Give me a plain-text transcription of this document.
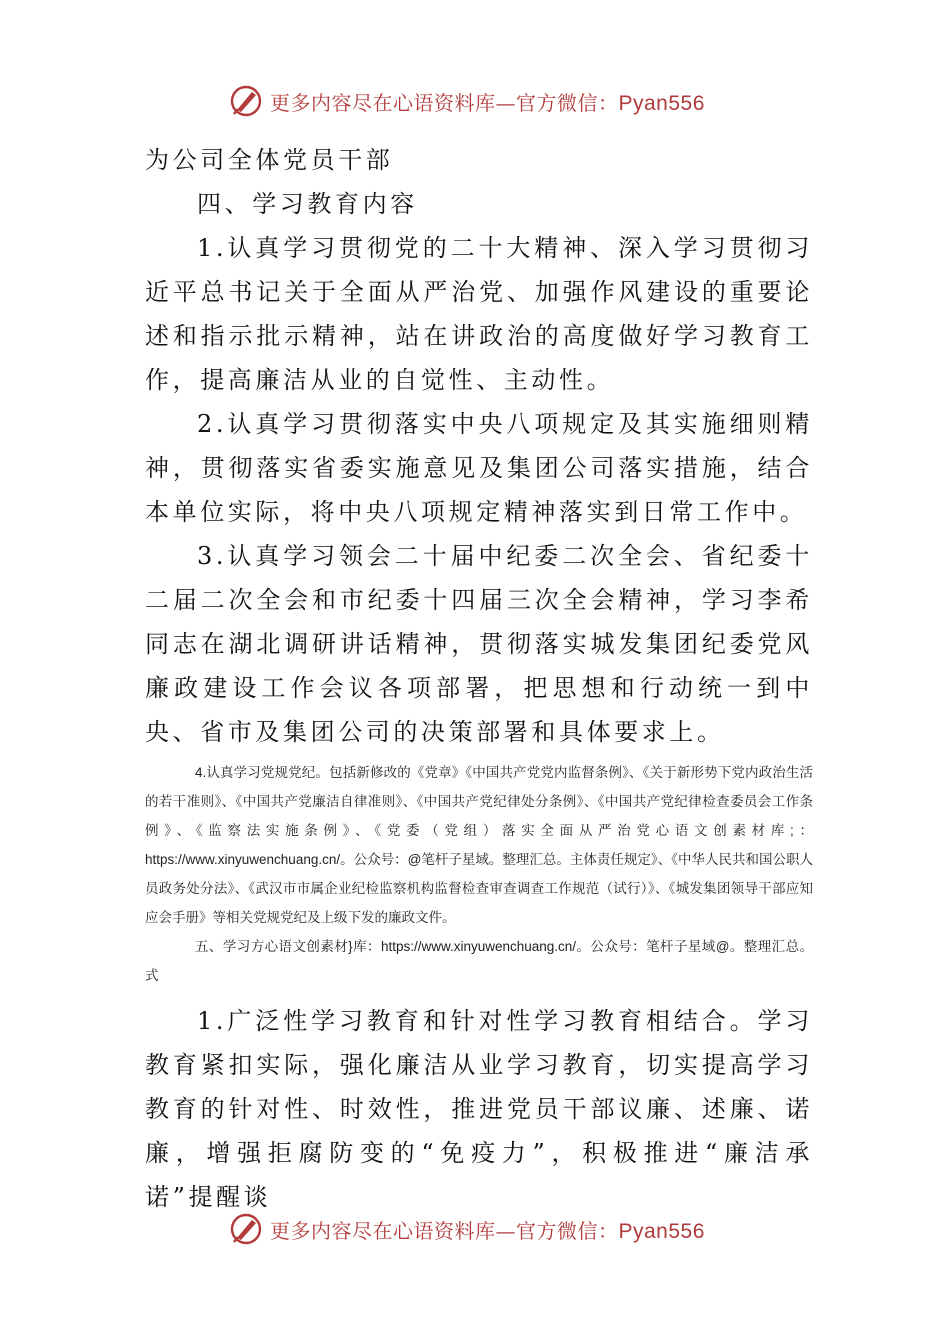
更多内容尽在心语资料库—官方微信：Pyan556

为公司全体党员干部

四、学习教育内容

1.认真学习贯彻党的二十大精神、深入学习贯彻习近平总书记关于全面从严治党、加强作风建设的重要论述和指示批示精神，站在讲政治的高度做好学习教育工作，提高廉洁从业的自觉性、主动性。

2.认真学习贯彻落实中央八项规定及其实施细则精神，贯彻落实省委实施意见及集团公司落实措施，结合本单位实际，将中央八项规定精神落实到日常工作中。

3.认真学习领会二十届中纪委二次全会、省纪委十二届二次全会和市纪委十四届三次全会精神，学习李希同志在湖北调研讲话精神，贯彻落实城发集团纪委党风廉政建设工作会议各项部署，把思想和行动统一到中央、省市及集团公司的决策部署和具体要求上。

4.认真学习党规党纪。包括新修改的《党章》《中国共产党党内监督条例》、《关于新形势下党内政治生活的若干准则》、《中国共产党廉洁自律准则》、《中国共产党纪律处分条例》、《中国共产党纪律检查委员会工作条例》、《监察法实施条例》、《党委（党组）落实全面从严治党心语文创素材库;：https://www.xinyuwenchuang.cn/。公众号：@笔杆子星域。整理汇总。主体责任规定》、《中华人民共和国公职人员政务处分法》、《武汉市市属企业纪检监察机构监督检查审查调查工作规范（试行）》、《城发集团领导干部应知应会手册》等相关党规党纪及上级下发的廉政文件。

五、学习方心语文创素材}库：https://www.xinyuwenchuang.cn/。公众号：笔杆子星域@。整理汇总。式

1.广泛性学习教育和针对性学习教育相结合。学习教育紧扣实际，强化廉洁从业学习教育，切实提高学习教育的针对性、时效性，推进党员干部议廉、述廉、诺廉，增强拒腐防变的“免疫力”，积极推进“廉洁承诺”提醒谈

更多内容尽在心语资料库—官方微信：Pyan556
